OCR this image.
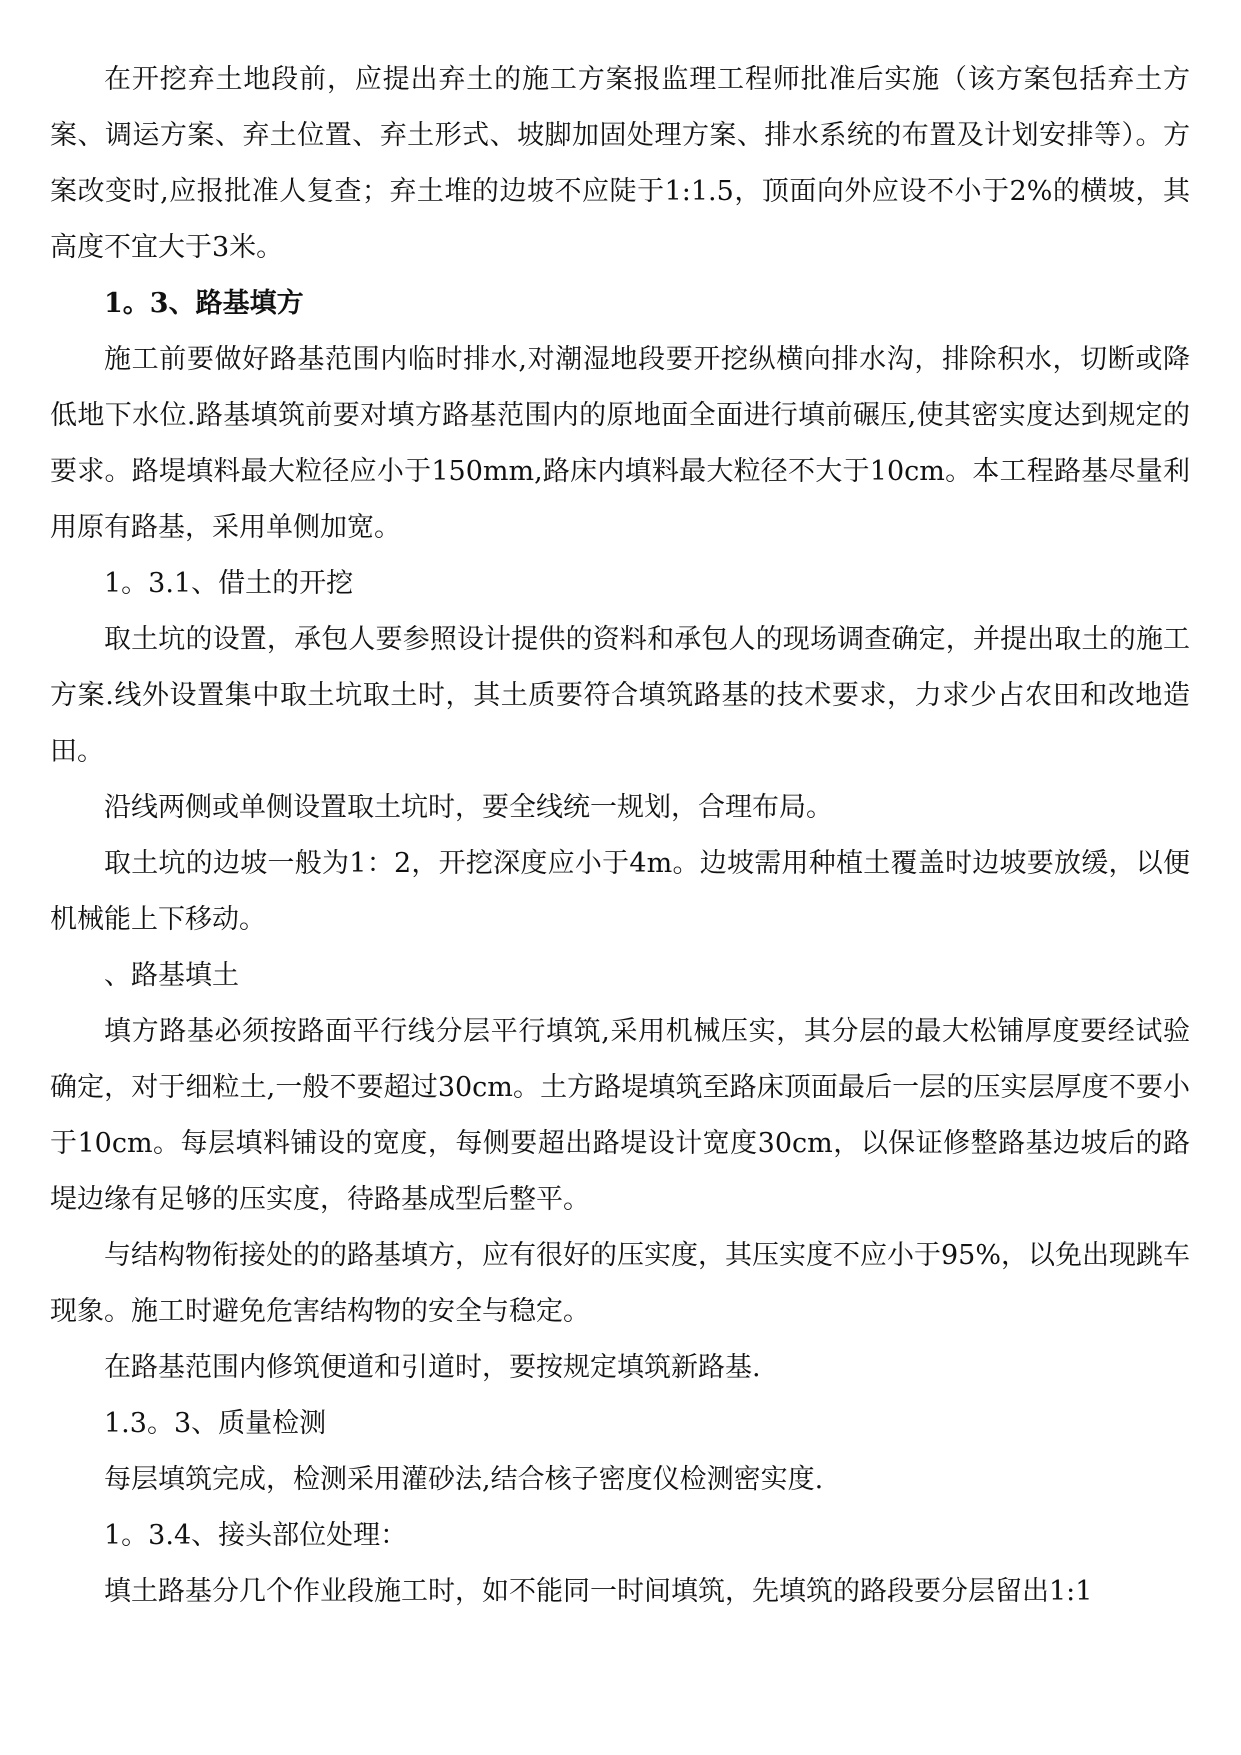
在开挖弃土地段前，应提出弃土的施工方案报监理工程师批准后实施（该方案包括弃土方案、调运方案、弃土位置、弃土形式、坡脚加固处理方案、排水系统的布置及计划安排等）。方案改变时,应报批准人复查；弃土堆的边坡不应陡于1:1.5，顶面向外应设不小于2%的横坡，其高度不宜大于3米。

1。3、路基填方

施工前要做好路基范围内临时排水,对潮湿地段要开挖纵横向排水沟，排除积水，切断或降低地下水位.路基填筑前要对填方路基范围内的原地面全面进行填前碾压,使其密实度达到规定的要求。路堤填料最大粒径应小于150mm,路床内填料最大粒径不大于10cm。本工程路基尽量利用原有路基，采用单侧加宽。

1。3.1、借土的开挖

取土坑的设置，承包人要参照设计提供的资料和承包人的现场调查确定，并提出取土的施工方案.线外设置集中取土坑取土时，其土质要符合填筑路基的技术要求，力求少占农田和改地造田。

沿线两侧或单侧设置取土坑时，要全线统一规划，合理布局。

取土坑的边坡一般为1：2，开挖深度应小于4m。边坡需用种植土覆盖时边坡要放缓，以便机械能上下移动。

、路基填土

填方路基必须按路面平行线分层平行填筑,采用机械压实，其分层的最大松铺厚度要经试验确定，对于细粒土,一般不要超过30cm。土方路堤填筑至路床顶面最后一层的压实层厚度不要小于10cm。每层填料铺设的宽度，每侧要超出路堤设计宽度30cm，以保证修整路基边坡后的路堤边缘有足够的压实度，待路基成型后整平。

与结构物衔接处的的路基填方，应有很好的压实度，其压实度不应小于95%，以免出现跳车现象。施工时避免危害结构物的安全与稳定。

在路基范围内修筑便道和引道时，要按规定填筑新路基.

1.3。3、质量检测

每层填筑完成，检测采用灌砂法,结合核子密度仪检测密实度.

1。3.4、接头部位处理：

填土路基分几个作业段施工时，如不能同一时间填筑，先填筑的路段要分层留出1:1
